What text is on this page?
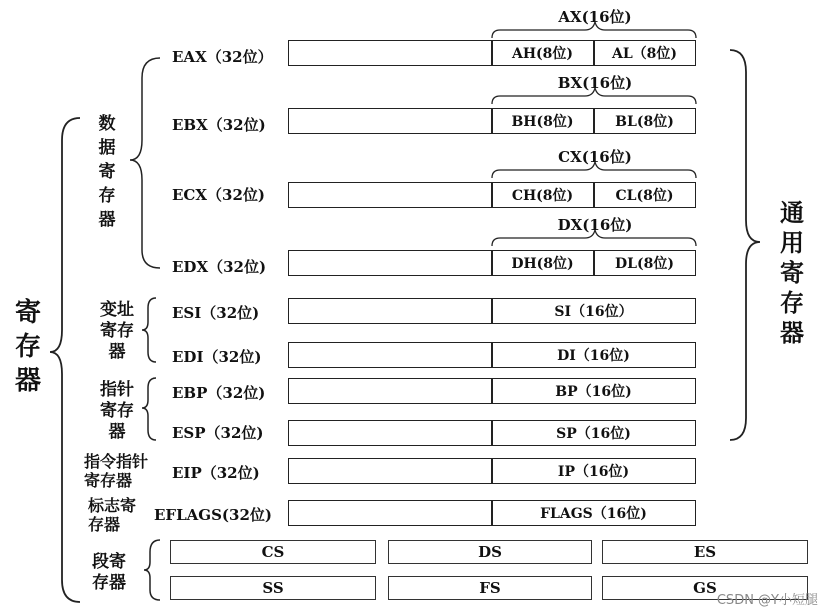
寄
存
器
通
用
寄
存
器
数
据
寄
存
器
变址
寄存
器
指针
寄存
器
指令指针
寄存器
标志寄
存器
段寄
存器
AX(16位)
BX(16位)
CX(16位)
DX(16位)
EAX（32位）	AH(8位)	AL（8位)
EBX（32位)	BH(8位)	BL(8位)
ECX（32位)	CH(8位)	CL(8位)
EDX（32位)	DH(8位)	DL(8位)
ESI（32位)	SI（16位）
EDI（32位)	DI（16位)
EBP（32位)	BP（16位)
ESP（32位)	SP（16位)
EIP（32位)	IP（16位)
EFLAGS(32位)	FLAGS（16位)
CS	DS	ES
SS	FS	GS
CSDN @Y小短腿
